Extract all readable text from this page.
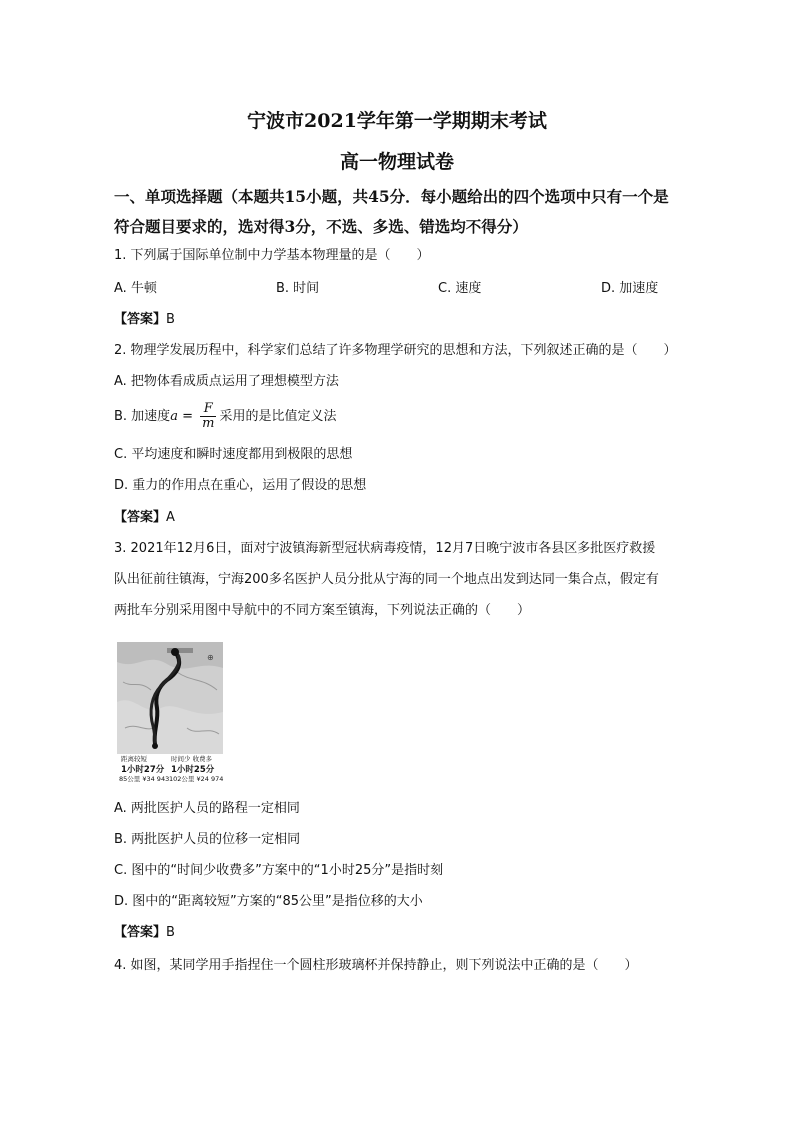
宁波市2021学年第一学期期末考试
高一物理试卷
一、单项选择题（本题共15小题，共45分．每小题给出的四个选项中只有一个是
符合题目要求的，选对得3分，不选、多选、错选均不得分）
1. 下列属于国际单位制中力学基本物理量的是（　　）
A. 牛顿	B. 时间	C. 速度	D. 加速度
【答案】B
2. 物理学发展历程中，科学家们总结了许多物理学研究的思想和方法，下列叙述正确的是（　　）
A. 把物体看成质点运用了理想模型方法
B. 加速度$a = \frac{F}{m}$ 采用的是比值定义法
C. 平均速度和瞬时速度都用到极限的思想
D. 重力的作用点在重心，运用了假设的思想
【答案】A
3. 2021年12月6日，面对宁波镇海新型冠状病毒疫情，12月7日晚宁波市各县区多批医疗救援
队出征前往镇海，宁海200多名医护人员分批从宁海的同一个地点出发到达同一集合点，假定有
两批车分别采用图中导航中的不同方案至镇海，下列说法正确的（　　）
⊕
距离较短	时间少 收费多
1小时27分 1小时25分
85公里 ¥34 943 102公里 ¥24 974
A. 两批医护人员的路程一定相同
B. 两批医护人员的位移一定相同
C. 图中的“时间少收费多”方案中的“1小时25分”是指时刻
D. 图中的“距离较短”方案的“85公里”是指位移的大小
【答案】B
4. 如图，某同学用手指捏住一个圆柱形玻璃杯并保持静止，则下列说法中正确的是（　　）
